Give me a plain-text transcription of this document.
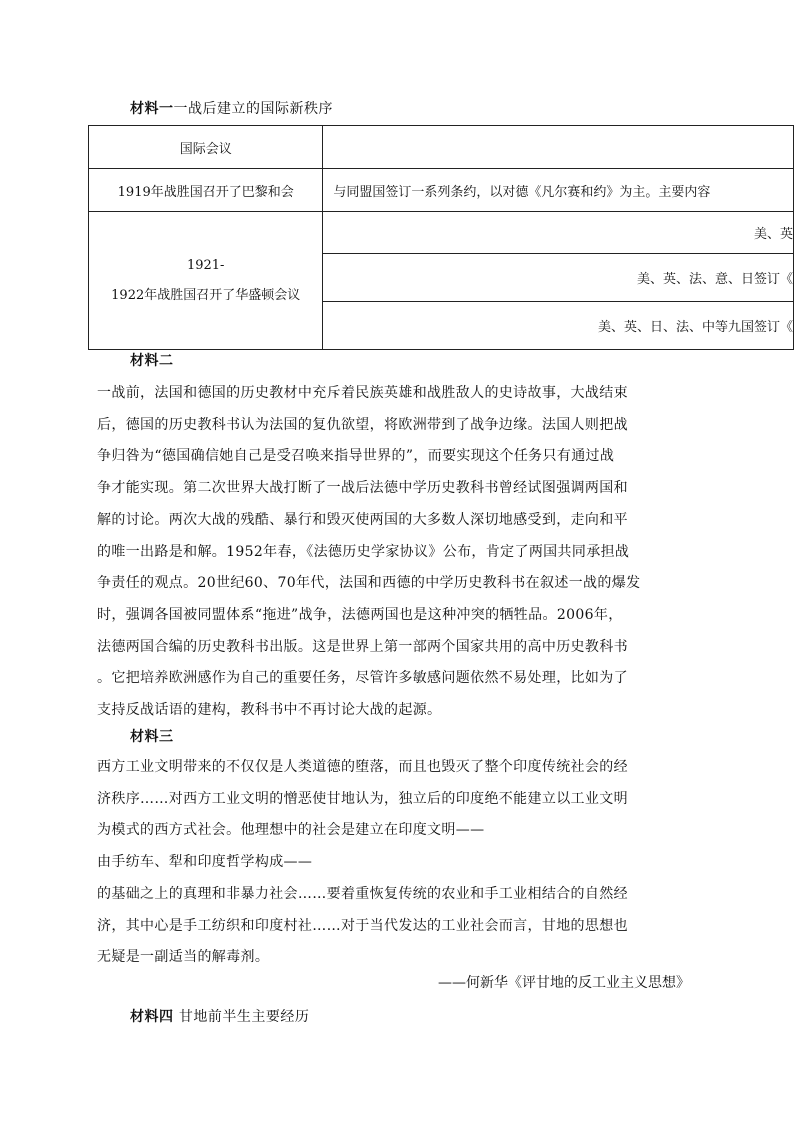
材料一一战后建立的国际新秩序
国际会议	
1919年战胜国召开了巴黎和会	与同盟国签订一系列条约，以对德《凡尔赛和约》为主。主要内容

1921-
1922年战胜国召开了华盛顿会议	美、英
	美、英、法、意、日签订《
	美、英、日、法、中等九国签订《
材料二
一战前，法国和德国的历史教材中充斥着民族英雄和战胜敌人的史诗故事，大战结束
后，德国的历史教科书认为法国的复仇欲望，将欧洲带到了战争边缘。法国人则把战
争归咎为“德国确信她自己是受召唤来指导世界的”，而要实现这个任务只有通过战
争才能实现。第二次世界大战打断了一战后法德中学历史教科书曾经试图强调两国和
解的讨论。两次大战的残酷、暴行和毁灭使两国的大多数人深切地感受到，走向和平
的唯一出路是和解。1952年春，《法德历史学家协议》公布，肯定了两国共同承担战
争责任的观点。20世纪60、70年代，法国和西德的中学历史教科书在叙述一战的爆发
时，强调各国被同盟体系“拖进”战争，法德两国也是这种冲突的牺牲品。2006年，
法德两国合编的历史教科书出版。这是世界上第一部两个国家共用的高中历史教科书
。它把培养欧洲感作为自己的重要任务，尽管许多敏感问题依然不易处理，比如为了
支持反战话语的建构，教科书中不再讨论大战的起源。
材料三
西方工业文明带来的不仅仅是人类道德的堕落，而且也毁灭了整个印度传统社会的经
济秩序……对西方工业文明的憎恶使甘地认为，独立后的印度绝不能建立以工业文明
为模式的西方式社会。他理想中的社会是建立在印度文明——
由手纺车、犁和印度哲学构成——
的基础之上的真理和非暴力社会……要着重恢复传统的农业和手工业相结合的自然经
济，其中心是手工纺织和印度村社……对于当代发达的工业社会而言，甘地的思想也
无疑是一副适当的解毒剂。
——何新华《评甘地的反工业主义思想》
材料四 甘地前半生主要经历
